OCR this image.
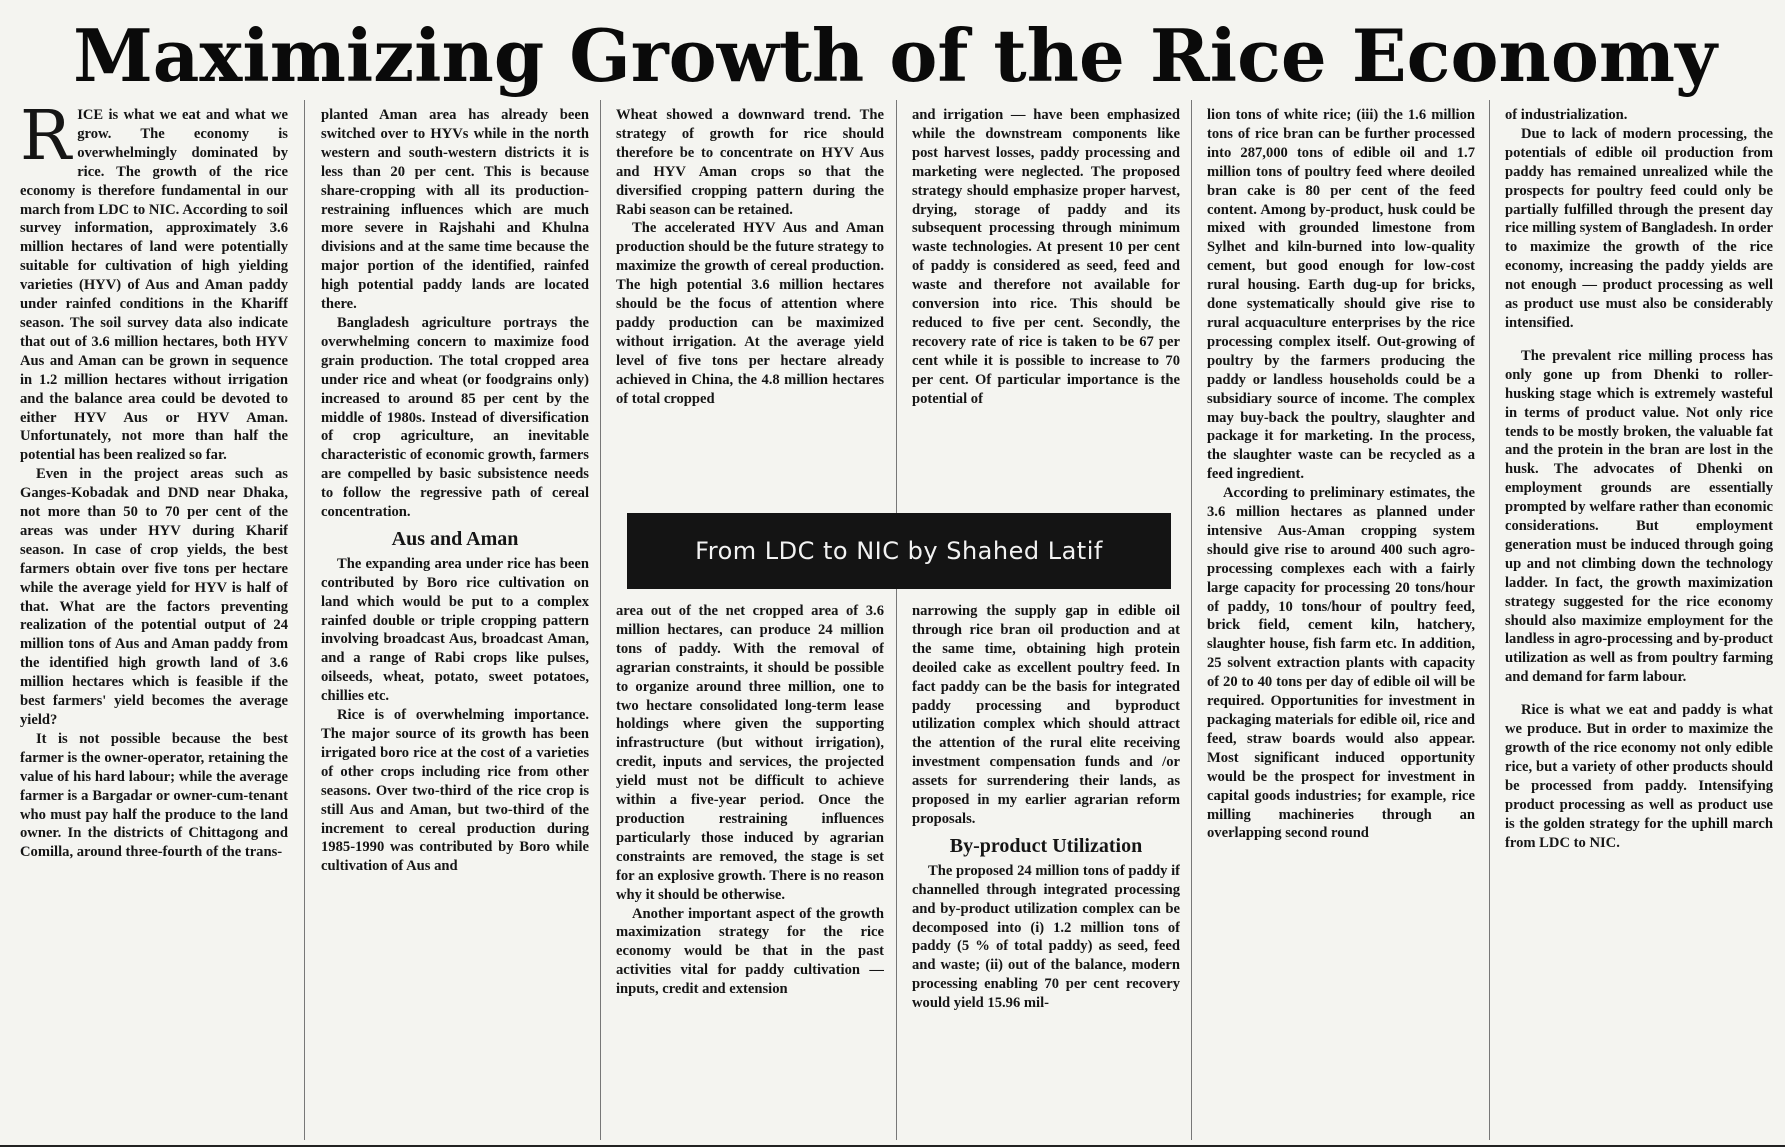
Maximizing Growth of the Rice Economy

RICE is what we eat and what we grow. The economy is overwhelmingly dominated by rice. The growth of the rice economy is therefore fundamental in our march from LDC to NIC. According to soil survey information, approximately 3.6 million hectares of land were potentially suitable for cultivation of high yielding varieties (HYV) of Aus and Aman paddy under rainfed conditions in the Khariff season. The soil survey data also indicate that out of 3.6 million hectares, both HYV Aus and Aman can be grown in sequence in 1.2 million hectares without irrigation and the balance area could be devoted to either HYV Aus or HYV Aman. Unfortunately, not more than half the potential has been realized so far.

Even in the project areas such as Ganges-Kobadak and DND near Dhaka, not more than 50 to 70 per cent of the areas was under HYV during Kharif season. In case of crop yields, the best farmers obtain over five tons per hectare while the average yield for HYV is half of that. What are the factors preventing realization of the potential output of 24 million tons of Aus and Aman paddy from the identified high growth land of 3.6 million hectares which is feasible if the best farmers' yield becomes the average yield?

It is not possible because the best farmer is the owner-operator, retaining the value of his hard labour; while the average farmer is a Bargadar or owner-cum-tenant who must pay half the produce to the land owner. In the districts of Chittagong and Comilla, around three-fourth of the trans-

planted Aman area has already been switched over to HYVs while in the north western and south-western districts it is less than 20 per cent. This is because share-cropping with all its production-restraining influences which are much more severe in Rajshahi and Khulna divisions and at the same time because the major portion of the identified, rainfed high potential paddy lands are located there.

Bangladesh agriculture portrays the overwhelming concern to maximize food grain production. The total cropped area under rice and wheat (or foodgrains only) increased to around 85 per cent by the middle of 1980s. Instead of diversification of crop agriculture, an inevitable characteristic of economic growth, farmers are compelled by basic subsistence needs to follow the regressive path of cereal concentration.

Aus and Aman

The expanding area under rice has been contributed by Boro rice cultivation on land which would be put to a complex rainfed double or triple cropping pattern involving broadcast Aus, broadcast Aman, and a range of Rabi crops like pulses, oilseeds, wheat, potato, sweet potatoes, chillies etc.

Rice is of overwhelming importance. The major source of its growth has been irrigated boro rice at the cost of a varieties of other crops including rice from other seasons. Over two-third of the rice crop is still Aus and Aman, but two-third of the increment to cereal production during 1985-1990 was contributed by Boro while cultivation of Aus and

Wheat showed a downward trend. The strategy of growth for rice should therefore be to concentrate on HYV Aus and HYV Aman crops so that the diversified cropping pattern during the Rabi season can be retained.

The accelerated HYV Aus and Aman production should be the future strategy to maximize the growth of cereal production. The high potential 3.6 million hectares should be the focus of attention where paddy production can be maximized without irrigation. At the average yield level of five tons per hectare already achieved in China, the 4.8 million hectares of total cropped

and irrigation — have been emphasized while the downstream components like post harvest losses, paddy processing and marketing were neglected. The proposed strategy should emphasize proper harvest, drying, storage of paddy and its subsequent processing through minimum waste technologies. At present 10 per cent of paddy is considered as seed, feed and waste and therefore not available for conversion into rice. This should be reduced to five per cent. Secondly, the recovery rate of rice is taken to be 67 per cent while it is possible to increase to 70 per cent. Of particular importance is the potential of

From LDC to NIC by Shahed Latif

area out of the net cropped area of 3.6 million hectares, can produce 24 million tons of paddy. With the removal of agrarian constraints, it should be possible to organize around three million, one to two hectare consolidated long-term lease holdings where given the supporting infrastructure (but without irrigation), credit, inputs and services, the projected yield must not be difficult to achieve within a five-year period. Once the production restraining influences particularly those induced by agrarian constraints are removed, the stage is set for an explosive growth. There is no reason why it should be otherwise.

Another important aspect of the growth maximization strategy for the rice economy would be that in the past activities vital for paddy cultivation — inputs, credit and extension

narrowing the supply gap in edible oil through rice bran oil production and at the same time, obtaining high protein deoiled cake as excellent poultry feed. In fact paddy can be the basis for integrated paddy processing and byproduct utilization complex which should attract the attention of the rural elite receiving investment compensation funds and /or assets for surrendering their lands, as proposed in my earlier agrarian reform proposals.

By-product Utilization

The proposed 24 million tons of paddy if channelled through integrated processing and by-product utilization complex can be decomposed into (i) 1.2 million tons of paddy (5 % of total paddy) as seed, feed and waste; (ii) out of the balance, modern processing enabling 70 per cent recovery would yield 15.96 mil-

lion tons of white rice; (iii) the 1.6 million tons of rice bran can be further processed into 287,000 tons of edible oil and 1.7 million tons of poultry feed where deoiled bran cake is 80 per cent of the feed content. Among by-product, husk could be mixed with grounded limestone from Sylhet and kiln-burned into low-quality cement, but good enough for low-cost rural housing. Earth dug-up for bricks, done systematically should give rise to rural acquaculture enterprises by the rice processing complex itself. Out-growing of poultry by the farmers producing the paddy or landless households could be a subsidiary source of income. The complex may buy-back the poultry, slaughter and package it for marketing. In the process, the slaughter waste can be recycled as a feed ingredient.

According to preliminary estimates, the 3.6 million hectares as planned under intensive Aus-Aman cropping system should give rise to around 400 such agro-processing complexes each with a fairly large capacity for processing 20 tons/hour of paddy, 10 tons/hour of poultry feed, brick field, cement kiln, hatchery, slaughter house, fish farm etc. In addition, 25 solvent extraction plants with capacity of 20 to 40 tons per day of edible oil will be required. Opportunities for investment in packaging materials for edible oil, rice and feed, straw boards would also appear. Most significant induced opportunity would be the prospect for investment in capital goods industries; for example, rice milling machineries through an overlapping second round

of industrialization.

Due to lack of modern processing, the potentials of edible oil production from paddy has remained unrealized while the prospects for poultry feed could only be partially fulfilled through the present day rice milling system of Bangladesh. In order to maximize the growth of the rice economy, increasing the paddy yields are not enough — product processing as well as product use must also be considerably intensified.

The prevalent rice milling process has only gone up from Dhenki to roller-husking stage which is extremely wasteful in terms of product value. Not only rice tends to be mostly broken, the valuable fat and the protein in the bran are lost in the husk. The advocates of Dhenki on employment grounds are essentially prompted by welfare rather than economic considerations. But employment generation must be induced through going up and not climbing down the technology ladder. In fact, the growth maximization strategy suggested for the rice economy should also maximize employment for the landless in agro-processing and by-product utilization as well as from poultry farming and demand for farm labour.

Rice is what we eat and paddy is what we produce. But in order to maximize the growth of the rice economy not only edible rice, but a variety of other products should be processed from paddy. Intensifying product processing as well as product use is the golden strategy for the uphill march from LDC to NIC.
